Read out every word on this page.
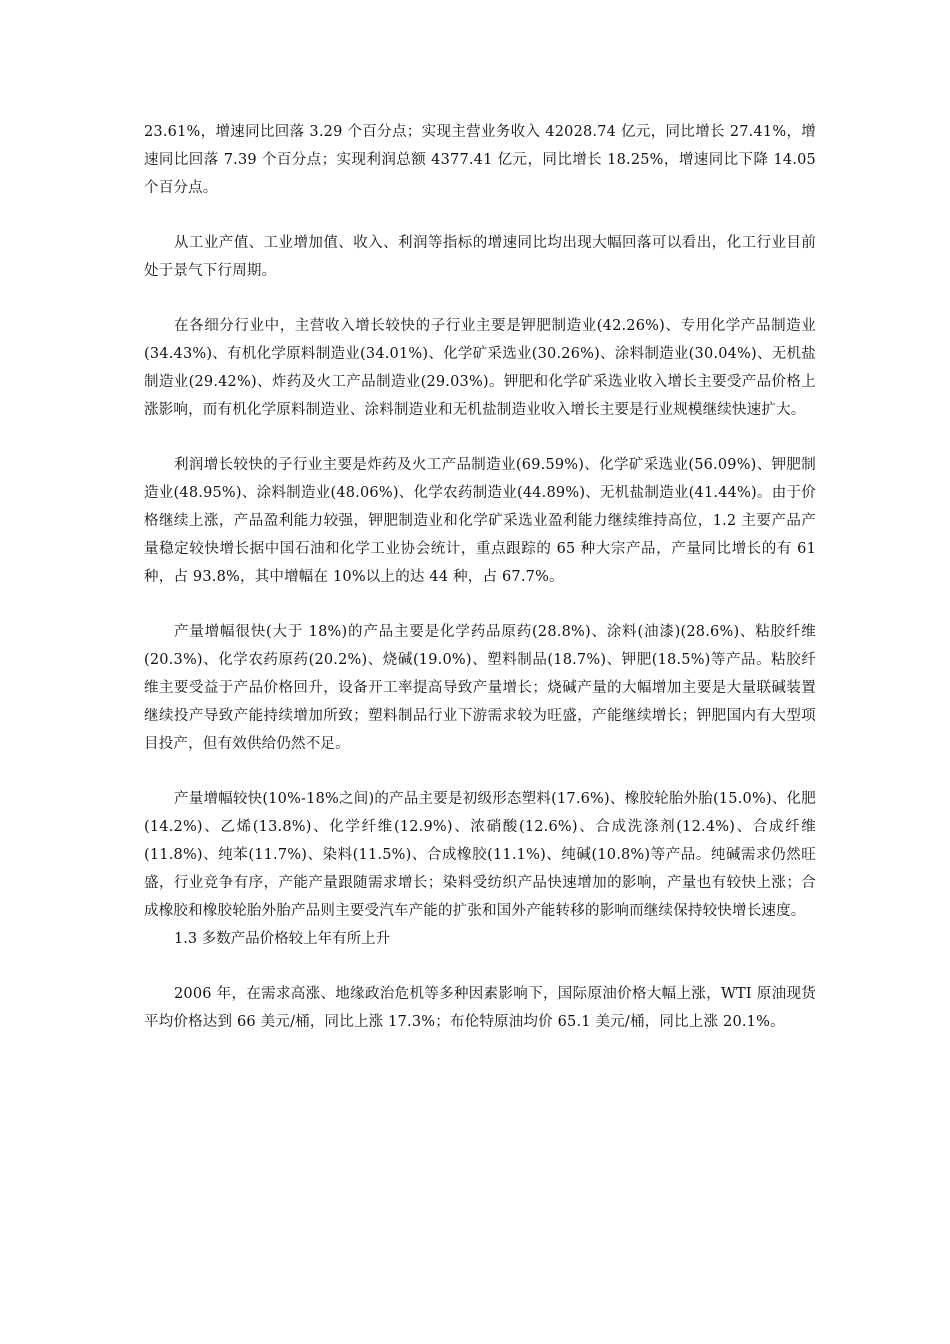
23.61%，增速同比回落 3.29 个百分点；实现主营业务收入 42028.74 亿元，同比增长 27.41%，增速同比回落 7.39 个百分点；实现利润总额 4377.41 亿元，同比增长 18.25%，增速同比下降 14.05 个百分点。

从工业产值、工业增加值、收入、利润等指标的增速同比均出现大幅回落可以看出，化工行业目前处于景气下行周期。

在各细分行业中，主营收入增长较快的子行业主要是钾肥制造业(42.26%)、专用化学产品制造业(34.43%)、有机化学原料制造业(34.01%)、化学矿采选业(30.26%)、涂料制造业(30.04%)、无机盐制造业(29.42%)、炸药及火工产品制造业(29.03%)。钾肥和化学矿采选业收入增长主要受产品价格上涨影响，而有机化学原料制造业、涂料制造业和无机盐制造业收入增长主要是行业规模继续快速扩大。

利润增长较快的子行业主要是炸药及火工产品制造业(69.59%)、化学矿采选业(56.09%)、钾肥制造业(48.95%)、涂料制造业(48.06%)、化学农药制造业(44.89%)、无机盐制造业(41.44%)。由于价格继续上涨，产品盈利能力较强，钾肥制造业和化学矿采选业盈利能力继续维持高位，1.2 主要产品产量稳定较快增长据中国石油和化学工业协会统计，重点跟踪的 65 种大宗产品，产量同比增长的有 61 种，占 93.8%，其中增幅在 10%以上的达 44 种，占 67.7%。

产量增幅很快(大于 18%)的产品主要是化学药品原药(28.8%)、涂料(油漆)(28.6%)、粘胶纤维(20.3%)、化学农药原药(20.2%)、烧碱(19.0%)、塑料制品(18.7%)、钾肥(18.5%)等产品。粘胶纤维主要受益于产品价格回升，设备开工率提高导致产量增长；烧碱产量的大幅增加主要是大量联碱装置继续投产导致产能持续增加所致；塑料制品行业下游需求较为旺盛，产能继续增长；钾肥国内有大型项目投产，但有效供给仍然不足。

产量增幅较快(10%-18%之间)的产品主要是初级形态塑料(17.6%)、橡胶轮胎外胎(15.0%)、化肥(14.2%)、乙烯(13.8%)、化学纤维(12.9%)、浓硝酸(12.6%)、合成洗涤剂(12.4%)、合成纤维(11.8%)、纯苯(11.7%)、染料(11.5%)、合成橡胶(11.1%)、纯碱(10.8%)等产品。纯碱需求仍然旺盛，行业竞争有序，产能产量跟随需求增长；染料受纺织产品快速增加的影响，产量也有较快上涨；合成橡胶和橡胶轮胎外胎产品则主要受汽车产能的扩张和国外产能转移的影响而继续保持较快增长速度。

1.3 多数产品价格较上年有所上升

2006 年，在需求高涨、地缘政治危机等多种因素影响下，国际原油价格大幅上涨，WTI 原油现货平均价格达到 66 美元/桶，同比上涨 17.3%；布伦特原油均价 65.1 美元/桶，同比上涨 20.1%。
